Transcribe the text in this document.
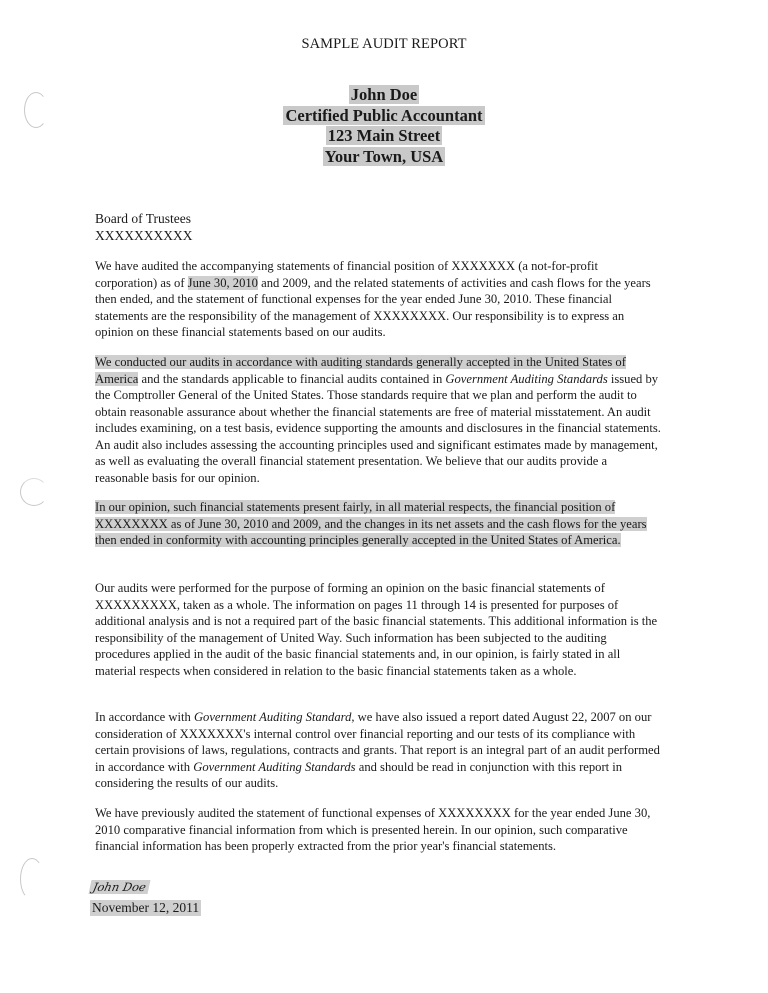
SAMPLE AUDIT REPORT
John Doe
Certified Public Accountant
123 Main Street
Your Town, USA
Board of Trustees
XXXXXXXXXX

We have audited the accompanying statements of financial position of XXXXXXX (a not-for-profit corporation) as of June 30, 2010 and 2009, and the related statements of activities and cash flows for the years then ended, and the statement of functional expenses for the year ended June 30, 2010. These financial statements are the responsibility of the management of XXXXXXXX. Our responsibility is to express an opinion on these financial statements based on our audits.

We conducted our audits in accordance with auditing standards generally accepted in the United States of America and the standards applicable to financial audits contained in Government Auditing Standards issued by the Comptroller General of the United States. Those standards require that we plan and perform the audit to obtain reasonable assurance about whether the financial statements are free of material misstatement. An audit includes examining, on a test basis, evidence supporting the amounts and disclosures in the financial statements. An audit also includes assessing the accounting principles used and significant estimates made by management, as well as evaluating the overall financial statement presentation. We believe that our audits provide a reasonable basis for our opinion.

In our opinion, such financial statements present fairly, in all material respects, the financial position of XXXXXXXX as of June 30, 2010 and 2009, and the changes in its net assets and the cash flows for the years then ended in conformity with accounting principles generally accepted in the United States of America.

Our audits were performed for the purpose of forming an opinion on the basic financial statements of XXXXXXXXX, taken as a whole. The information on pages 11 through 14 is presented for purposes of additional analysis and is not a required part of the basic financial statements. This additional information is the responsibility of the management of United Way. Such information has been subjected to the auditing procedures applied in the audit of the basic financial statements and, in our opinion, is fairly stated in all material respects when considered in relation to the basic financial statements taken as a whole.

In accordance with Government Auditing Standard, we have also issued a report dated August 22, 2007 on our consideration of XXXXXXX's internal control over financial reporting and our tests of its compliance with certain provisions of laws, regulations, contracts and grants. That report is an integral part of an audit performed in accordance with Government Auditing Standards and should be read in conjunction with this report in considering the results of our audits.

We have previously audited the statement of functional expenses of XXXXXXXX for the year ended June 30, 2010 comparative financial information from which is presented herein. In our opinion, such comparative financial information has been properly extracted from the prior year's financial statements.

John Doe
November 12, 2011
